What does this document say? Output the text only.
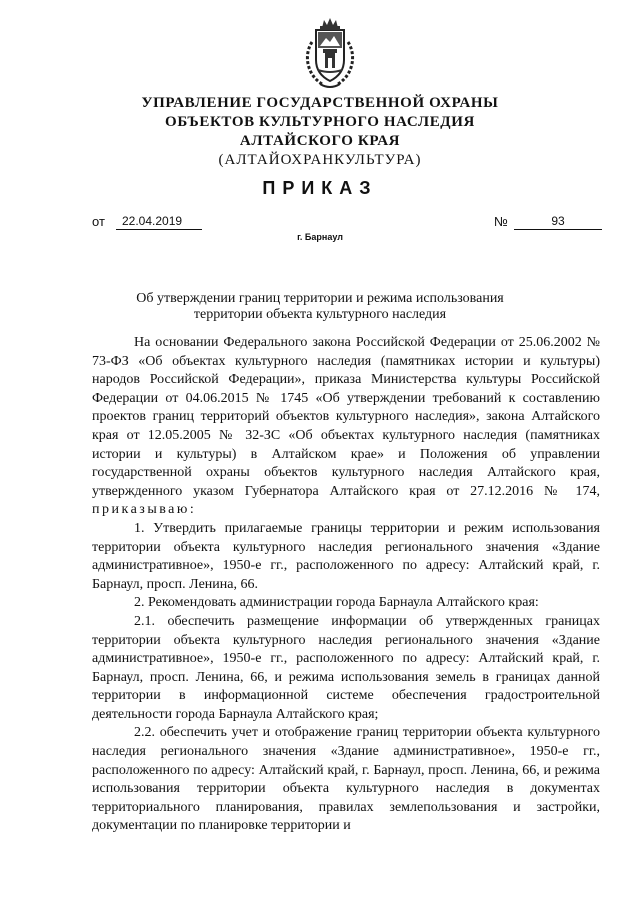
УПРАВЛЕНИЕ ГОСУДАРСТВЕННОЙ ОХРАНЫ
ОБЪЕКТОВ КУЛЬТУРНОГО НАСЛЕДИЯ
АЛТАЙСКОГО КРАЯ
(АЛТАЙОХРАНКУЛЬТУРА)
ПРИКАЗ
от	22.04.2019	№	93
г. Барнаул
Об утверждении границ территории и режима использования
территории объекта культурного наследия

На основании Федерального закона Российской Федерации от 25.06.2002 № 73-ФЗ «Об объектах культурного наследия (памятниках истории и культуры) народов Российской Федерации», приказа Министерства культуры Российской Федерации от 04.06.2015 № 1745 «Об утверждении требований к составлению проектов границ территорий объектов культурного наследия», закона Алтайского края от 12.05.2005 № 32-ЗС «Об объектах культурного наследия (памятниках истории и культуры) в Алтайском крае» и Положения об управлении государственной охраны объектов культурного наследия Алтайского края, утвержденного указом Губернатора Алтайского края от 27.12.2016 № 174, приказываю:

1. Утвердить прилагаемые границы территории и режим использования территории объекта культурного наследия регионального значения «Здание административное», 1950-е гг., расположенного по адресу: Алтайский край, г. Барнаул, просп. Ленина, 66.

2. Рекомендовать администрации города Барнаула Алтайского края:

2.1. обеспечить размещение информации об утвержденных границах территории объекта культурного наследия регионального значения «Здание административное», 1950-е гг., расположенного по адресу: Алтайский край, г. Барнаул, просп. Ленина, 66, и режима использования земель в границах данной территории в информационной системе обеспечения градостроительной деятельности города Барнаула Алтайского края;

2.2. обеспечить учет и отображение границ территории объекта культурного наследия регионального значения «Здание административное», 1950-е гг., расположенного по адресу: Алтайский край, г. Барнаул, просп. Ленина, 66, и режима использования территории объекта культурного наследия в документах территориального планирования, правилах землепользования и застройки, документации по планировке территории и
